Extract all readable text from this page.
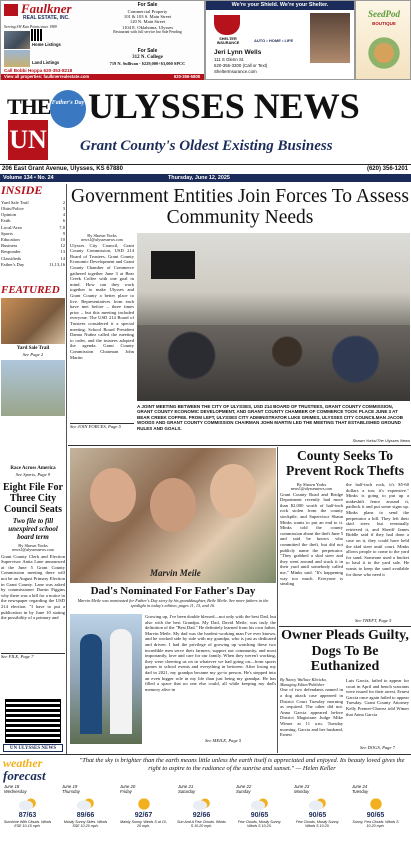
Faulkner
REAL ESTATE, INC.
Serving SW Kan Points since 1989
Home Listings
Land Listings
Call Bobbi Hoppa 620-353-8218
View all properties: faulknerrealestate.com	620-356-5808
For Sale
Commercial Property
101 & 103 S. Main Street
120 N. Main Street
1104 E. Oklahoma, Ulysses
Restaurant with full service bar Sale Pending
For Sale
312 N. College
719 N. Sullivan - $229,000+$3,000 SPCC
We're your Shield. We're your Shelter.
SHELTER INSURANCE
AUTO • HOME • LIFE
Jeri Lynn Wells
111 S Glenn St.
620-356-3300 (Call or Text)
ShelterInsurance.com
SeedPod
BOUTIQUE
THE ULYSSES NEWS
UN
Father's Day
Grant County's Oldest Existing Business
206 East Grant Avenue, Ulysses, KS 67880	(620) 356-1201
Volume 134 • No. 24	Thursday, June 12, 2025
INSIDE
Yard Sale Trail	2
Obits/Police	3
Opinion	4
Faith	6
Local/Area	7,8
Sports	9
Education	10
Business	12
Responder	13
Classifieds	14
Father's Day	11,13,16
FEATURED
Yard Sale Trail
See Page 2
Race Across America
See Sports, Page 9
Eight File For Three City Council Seats
Two file to fill unexpired school board term
By Shawn Yorks
news1@ulyssesnews.com
Grant County Clerk and Election Supervisor Anita Lane announced at the June 5 Grant County Commission meeting there will not be an August Primary Election in Grant County. Lane was asked by commissioner Darrin Figgins why there was a bill for a notice in the newspaper regarding the USD 214 election. "I have to put a publication in by June 10 stating the possibility of a primary and
See FILE, Page 7
UN ULYSSES NEWS
Government Entities Join Forces To Assess Community Needs
By Shawn Yorks
news1@ulyssesnews.com
Ulysses City Council, Grant County Commission, USD 214 Board of Trustees, Grant County Economic Development and Grant County Chamber of Commerce gathered together June 3 at Bear Creek Coffee with one goal in mind. How can they work together to make Ulysses and Grant County a better place to live. Representatives from each have met before – three times prior – but this meeting included everyone. The USD 214 Board of Trustees considered it a special meeting. School Board President Danna Nuñez called the meeting to order, and the trustees adopted the agenda. Grant County Commission Chairman John Martin
See JOIN FORCES, Page 5
A JOINT MEETING BETWEEN THE CITY OF ULYSSES, USD 214 BOARD OF TRUSTEES, GRANT COUNTY COMMISSION, GRANT COUNTY ECONOMIC DEVELOPMENT, AND GRANT COUNTY CHAMBER OF COMMERCE TOOK PLACE JUNE 3 AT BEAR CREEK COFFEE. FROM LEFT, ULYSSES CITY ADMINISTRATOR LUKE GRIMES, ULYSSES CITY COUNCILMAN JACOB WOODS AND GRANT COUNTY COMMISSION CHAIRMAN JOHN MARTIN LED THE MEETING THAT ESTABLISHED GROUND RULES AND GOALS.
Shawn Yorks/The Ulysses News
Marvin Meile
Dad's Nominated For Father's Day
Marvin Meile was nominated for Father's Day story by his granddaughter, Beile Meile. See more fathers in the spotlight in today's edition, pages 11, 15, and 16.
Growing up, I've been double blessed—not only with the best Dad, but also with the best Grandpa. My Dad, David Meile, was truly the definition of the "Best Dad." He definitely learned from his own father, Marvin Meile. My dad was the hardest-working man I've ever known, and he worked side by side with my grandpa, who is just as dedicated and driven. I had the privilege of growing up watching these two incredible men serve their farmers, support our community, and most importantly, love and care for our family. When they weren't working, they were cheering us on in whatever we had going on—from sports games to school events and everything in between. After losing my dad in 2021, my grandpa became my go-to person. He's stepped into an even bigger role in my life than just being my grandpa. He has filled a space that no one else could, all while keeping my dad's memory alive in
See MEILE, Page 5
County Seeks To Prevent Rock Thefts
By Shawn Yorks
news1@ulyssesnews.com
Grant County Road and Bridge Department recently had more than $2,000 worth of half-inch rock stolen from the county stockpile, and Supervisor Shaun Minks wants to put an end to it. Minks told the county commission about the theft June 5 and said he knows who committed the theft, but did not publicly name the perpetrator. "They grabbed a skid steer and they went around and stuck it in their yard until somebody called me," Minks said. "It's happening way too much. Everyone is stealing
the half-inch rock, it's $5-60 dollars a ton; it's expensive." Minks is going to put up a makeshift fence around it, padlock it and put some signs up. Minks plans to send the perpetrator a bill. They left their skid steer, but eventually retrieved it, and Sheriff James Biddle said if they had done a case on it, they could have held the skid steer until court. Minks allows people to come to the yard for sand. Someone used a bucket to haul it to the yard sale. He wants to keep the sand available for those who need it
See THEFT, Page 5
Owner Pleads Guilty, Dogs To Be Euthanized
By Nancy Wallace Kleticka,
Managing Editor/Publisher
One of two defendants named in a dog attack case appeared in District Court Tuesday morning as required. The other did not. Anna Garcia appeared before District Magistrate Judge Mike Wimer at 11 a.m. Tuesday morning. Garcia and her husband, Ernest
Luis Garcia, failed to appear for court in April and bench warrants were issued for their arrest. Ernest Garcia once again failed to appear Tuesday. Grant County Attorney Kelly Premer-Chavez told Wimer that Anna Garcia
See DOGS, Page 7
weather
forecast
"That the sky is brighter than the earth means little unless the earth itself is appreciated and enjoyed. Its beauty loved gives the right to aspire to the radiance of the sunrise and sunset." — Helen Keller
June 18
Wednesday
87/63
Sunshine With Clouds. Winds ESE 10-15 mph.
June 19
Thursday
89/66
Mostly Sunny Skies. Winds SSE 10-20 mph.
June 20
Friday
92/67
Mainly Sunny. Winds S at 10-20 mph.
June 21
Saturday
92/66
Sun And A Few Clouds. Winds S 10-20 mph.
June 22
Sunday
90/65
Few Clouds, Mostly Sunny. Winds S 10-20.
June 23
Monday
90/65
Few Clouds, Mostly Sunny. Winds S 10-20.
June 24
Tuesday
90/65
Sunny, Few Clouds. Winds S 10-20 mph.
